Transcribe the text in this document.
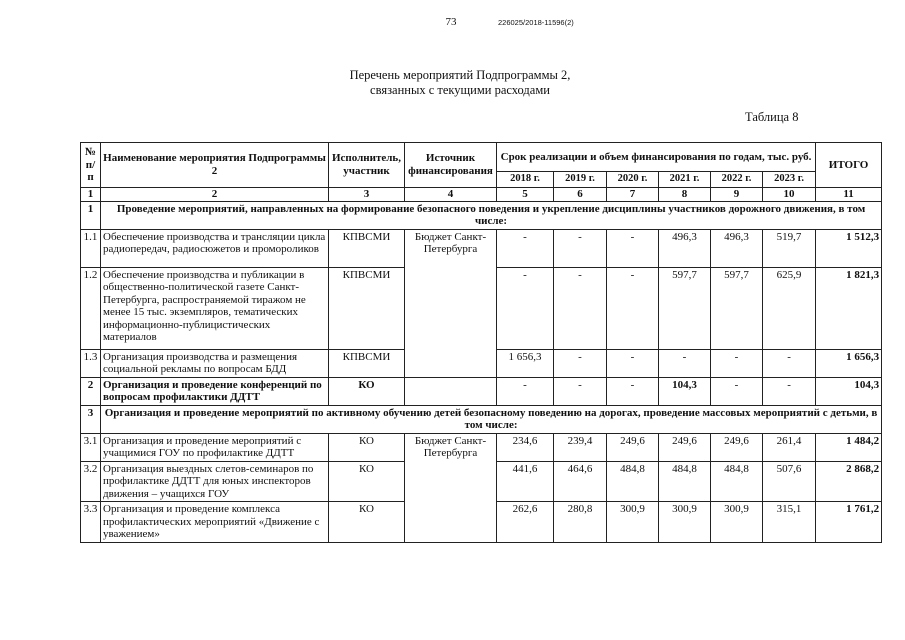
73	226025/2018-11596(2)
Перечень мероприятий Подпрограммы 2,
связанных с текущими расходами
Таблица 8
№ п/п	Наименование мероприятия Подпрограммы 2	Исполнитель, участник	Источник финансирования	Срок реализации и объем финансирования по годам, тыс. руб.						ИТОГО
				2018 г.	2019 г.	2020 г.	2021 г.	2022 г.	2023 г.	
1	2	3	4	5	6	7	8	9	10	11
1	Проведение мероприятий, направленных на формирование безопасного поведения и укрепление дисциплины участников дорожного движения, в том числе:									
1.1	Обеспечение производства и трансляции цикла радиопередач, радиосюжетов и проморoликов	КПВСМИ	Бюджет Санкт-Петербурга	-	-	-	496,3	496,3	519,7	1 512,3
1.2	Обеспечение производства и публикации в общественно-политической газете Санкт-Петербурга, распространяемой тиражом не менее 15 тыс. экземпляров, тематических информационно-публицистических материалов	КПВСМИ		-	-	-	597,7	597,7	625,9	1 821,3
1.3	Организация производства и размещения социальной рекламы по вопросам БДД	КПВСМИ		1 656,3	-	-	-	-	-	1 656,3
2	Организация и проведение конференций по вопросам профилактики ДДТТ	КО		-	-	-	104,3	-	-	104,3
3	Организация и проведение мероприятий по активному обучению детей безопасному поведению на дорогах, проведение массовых мероприятий с детьми, в том числе:									
3.1	Организация и проведение мероприятий с учащимися ГОУ по профилактике ДДТТ	КО	Бюджет Санкт-Петербурга	234,6	239,4	249,6	249,6	249,6	261,4	1 484,2
3.2	Организация выездных слетов-семинаров по профилактике ДДТТ для юных инспекторов движения – учащихся ГОУ	КО		441,6	464,6	484,8	484,8	484,8	507,6	2 868,2
3.3	Организация и проведение комплекса профилактических мероприятий «Движение с уважением»	КО		262,6	280,8	300,9	300,9	300,9	315,1	1 761,2
